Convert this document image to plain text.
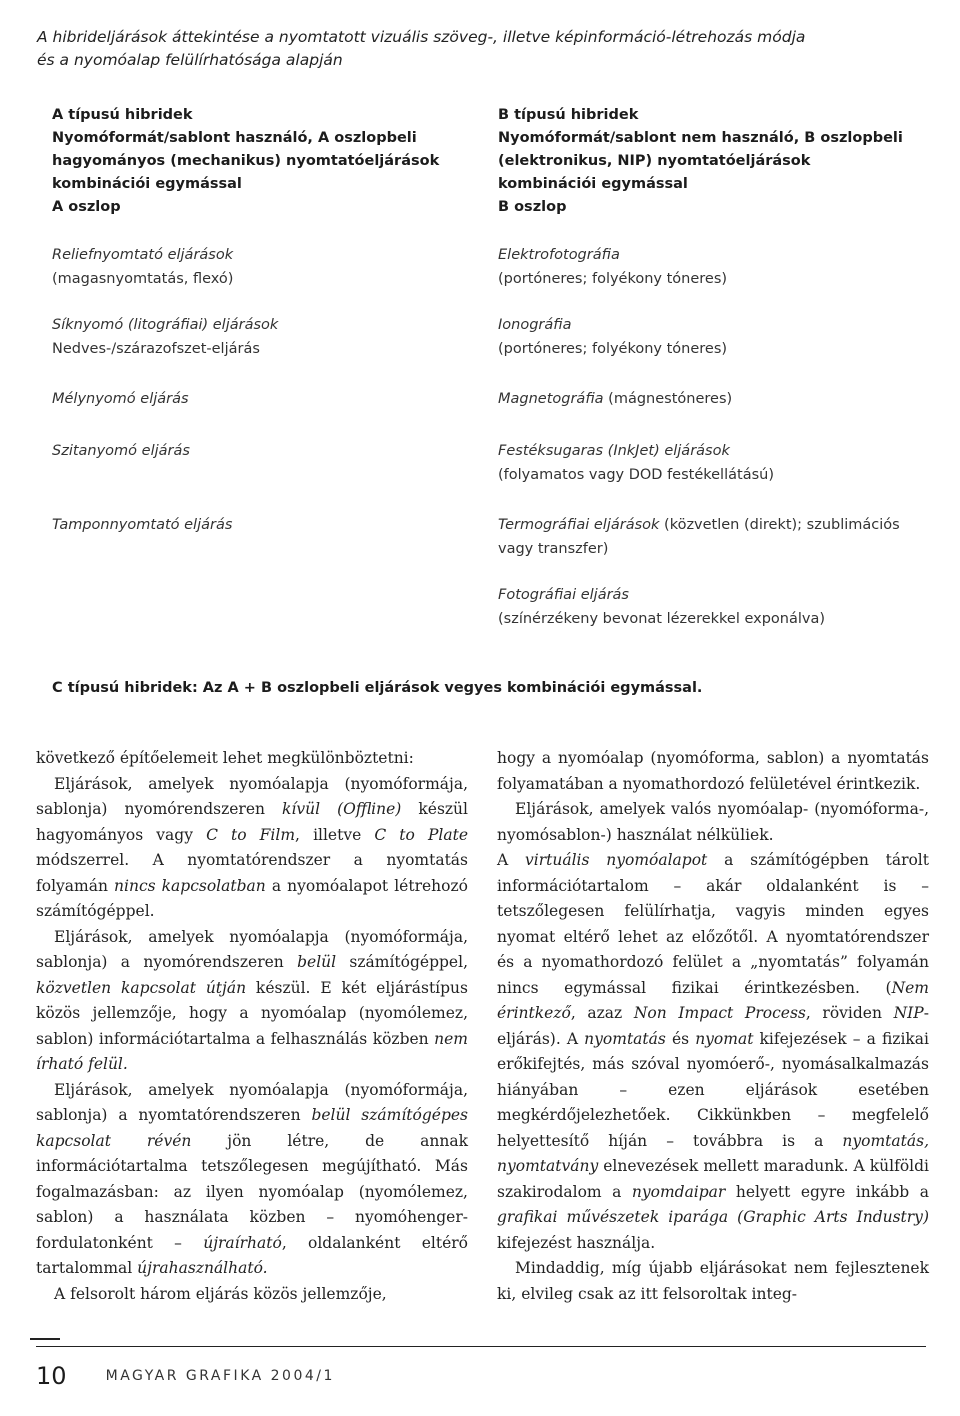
A hibrideljárások áttekintése a nyomtatott vizuális szöveg-, illetve képinformáció-létrehozás módja
és a nyomóalap felülírhatósága alapján
A típusú hibridek
Nyomóformát/sablont használó, A oszlopbeli
hagyományos (mechanikus) nyomtatóeljárások
kombinációi egymással
A oszlop
Reliefnyomtató eljárások
(magasnyomtatás, flexó)
Síknyomó (litográfiai) eljárások
Nedves-/szárazofszet-eljárás
Mélynyomó eljárás
Szitanyomó eljárás
Tamponnyomtató eljárás
B típusú hibridek
Nyomóformát/sablont nem használó, B oszlopbeli
(elektronikus, NIP) nyomtatóeljárások
kombinációi egymással
B oszlop
Elektrofotográfia
(portóneres; folyékony tóneres)
Ionográfia
(portóneres; folyékony tóneres)
Magnetográfia (mágnestóneres)
Festéksugaras (InkJet) eljárások
(folyamatos vagy DOD festékellátású)
Termográfiai eljárások (közvetlen (direkt); szublimációs
vagy transzfer)
Fotográfiai eljárás
(színérzékeny bevonat lézerekkel exponálva)
C típusú hibridek: Az A + B oszlopbeli eljárások vegyes kombinációi egymással.

következő építőelemeit lehet megkülönböztetni:

Eljárások, amelyek nyomóalapja (nyomóformája, sablonja) nyomórendszeren kívül (Offline) készül hagyományos vagy C to Film, illetve C to Plate módszerrel. A nyomtatórendszer a nyomtatás folyamán nincs kapcsolatban a nyomóalapot létrehozó számítógéppel.

Eljárások, amelyek nyomóalapja (nyomóformája, sablonja) a nyomórendszeren belül számítógéppel, közvetlen kapcsolat útján készül. E két eljárástípus közös jellemzője, hogy a nyomóalap (nyomólemez, sablon) információtartalma a felhasználás közben nem írható felül.

Eljárások, amelyek nyomóalapja (nyomóformája, sablonja) a nyomtatórendszeren belül számítógépes kapcsolat révén jön létre, de annak információtartalma tetszőlegesen megújítható. Más fogalmazásban: az ilyen nyomóalap (nyomólemez, sablon) a használata közben – nyomóhenger-fordulatonként – újraírható, oldalanként eltérő tartalommal újrahasználható.

A felsorolt három eljárás közös jellemzője,

hogy a nyomóalap (nyomóforma, sablon) a nyomtatás folyamatában a nyomathordozó felületével érintkezik.

Eljárások, amelyek valós nyomóalap- (nyomóforma-, nyomósablon-) használat nélküliek.

A virtuális nyomóalapot a számítógépben tárolt információtartalom – akár oldalanként is – tetszőlegesen felülírhatja, vagyis minden egyes nyomat eltérő lehet az előzőtől. A nyomtatórendszer és a nyomathordozó felület a „nyomtatás” folyamán nincs egymással fizikai érintkezésben. (Nem érintkező, azaz Non Impact Process, röviden NIP-eljárás). A nyomtatás és nyomat kifejezések – a fizikai erőkifejtés, más szóval nyomóerő-, nyomásalkalmazás hiányában – ezen eljárások esetében megkérdőjelezhetőek. Cikkünkben – megfelelő helyettesítő híján – továbbra is a nyomtatás, nyomtatvány elnevezések mellett maradunk. A külföldi szakirodalom a nyomdaipar helyett egyre inkább a grafikai művészetek iparága (Graphic Arts Industry) kifejezést használja.

Mindaddig, míg újabb eljárásokat nem fejlesztenek ki, elvileg csak az itt felsoroltak integ-

10	MAGYAR GRAFIKA 2004/1
